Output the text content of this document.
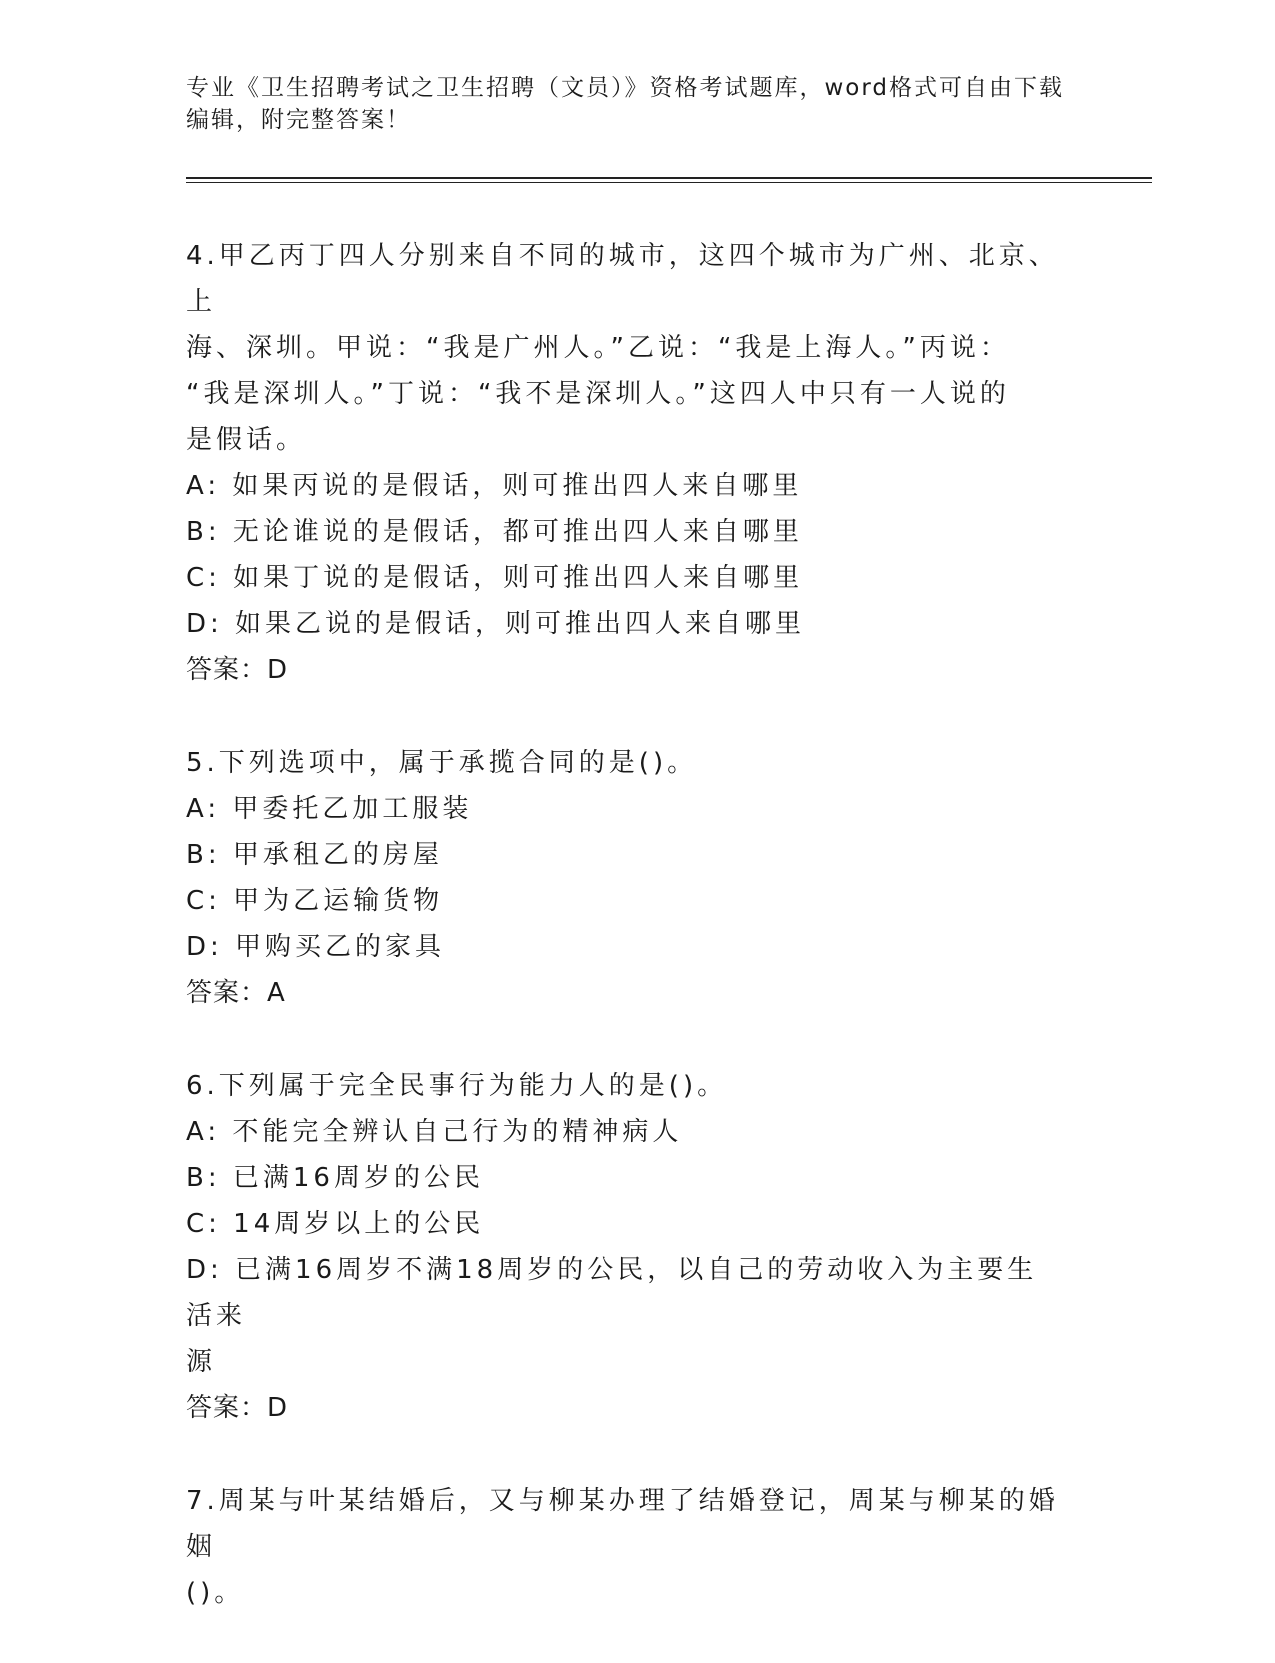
专业《卫生招聘考试之卫生招聘（文员）》资格考试题库，word格式可自由下载
编辑，附完整答案！

4.甲乙丙丁四人分别来自不同的城市，这四个城市为广州、北京、上

海、深圳。甲说：“我是广州人。”乙说：“我是上海人。”丙说：

“我是深圳人。”丁说：“我不是深圳人。”这四人中只有一人说的

是假话。

A: 如果丙说的是假话，则可推出四人来自哪里

B: 无论谁说的是假话，都可推出四人来自哪里

C: 如果丁说的是假话，则可推出四人来自哪里

D: 如果乙说的是假话，则可推出四人来自哪里

答案：D

5.下列选项中，属于承揽合同的是()。

A: 甲委托乙加工服装

B: 甲承租乙的房屋

C: 甲为乙运输货物

D: 甲购买乙的家具

答案：A

6.下列属于完全民事行为能力人的是()。

A: 不能完全辨认自己行为的精神病人

B: 已满16周岁的公民

C: 14周岁以上的公民

D: 已满16周岁不满18周岁的公民，以自己的劳动收入为主要生活来

源

答案：D

7.周某与叶某结婚后，又与柳某办理了结婚登记，周某与柳某的婚姻

()。
